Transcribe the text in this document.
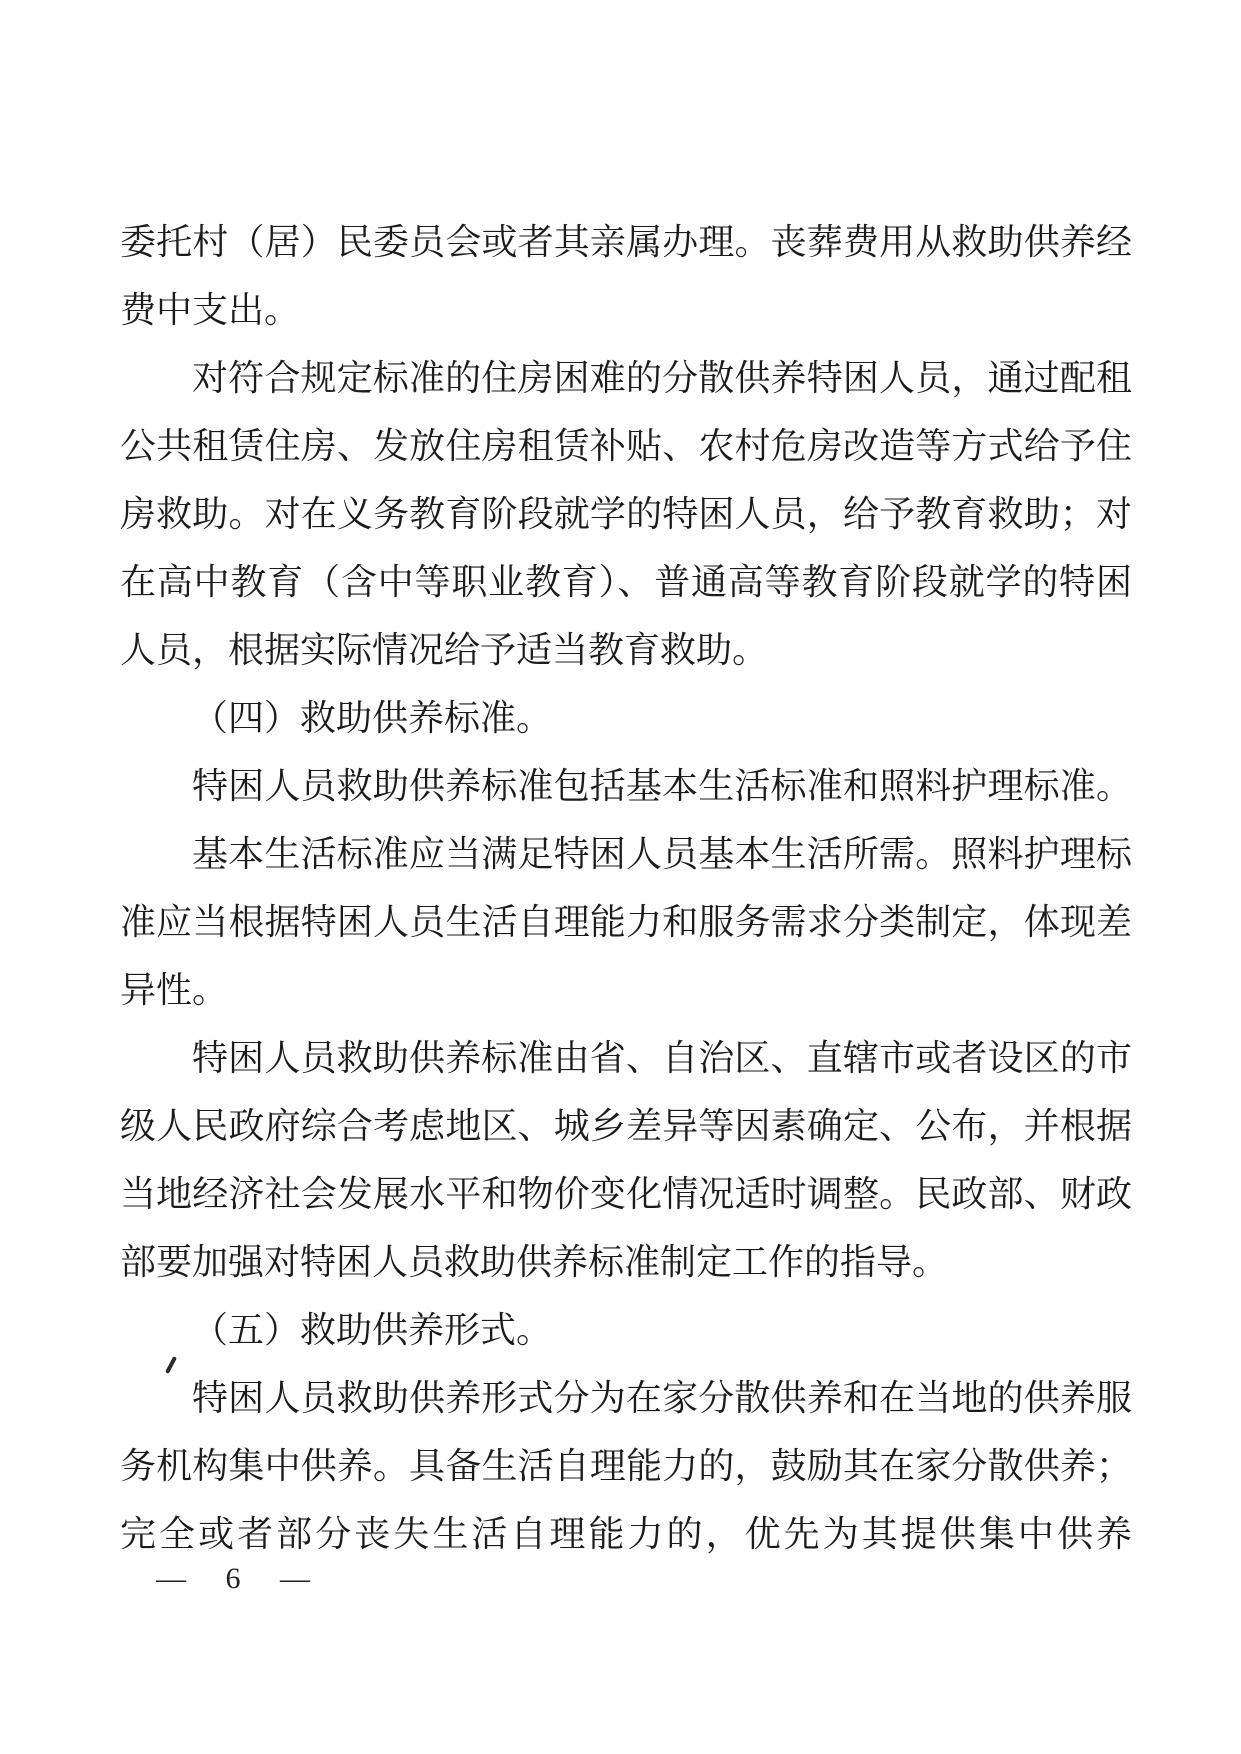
委托村（居）民委员会或者其亲属办理。丧葬费用从救助供养经
费中支出。
对符合规定标准的住房困难的分散供养特困人员，通过配租
公共租赁住房、发放住房租赁补贴、农村危房改造等方式给予住
房救助。对在义务教育阶段就学的特困人员，给予教育救助；对
在高中教育（含中等职业教育）、普通高等教育阶段就学的特困
人员，根据实际情况给予适当教育救助。
（四）救助供养标准。
特困人员救助供养标准包括基本生活标准和照料护理标准。
基本生活标准应当满足特困人员基本生活所需。照料护理标
准应当根据特困人员生活自理能力和服务需求分类制定，体现差
异性。
特困人员救助供养标准由省、自治区、直辖市或者设区的市
级人民政府综合考虑地区、城乡差异等因素确定、公布，并根据
当地经济社会发展水平和物价变化情况适时调整。民政部、财政
部要加强对特困人员救助供养标准制定工作的指导。
（五）救助供养形式。
特困人员救助供养形式分为在家分散供养和在当地的供养服
务机构集中供养。具备生活自理能力的，鼓励其在家分散供养；
完全或者部分丧失生活自理能力的，优先为其提供集中供养
— 6 —
